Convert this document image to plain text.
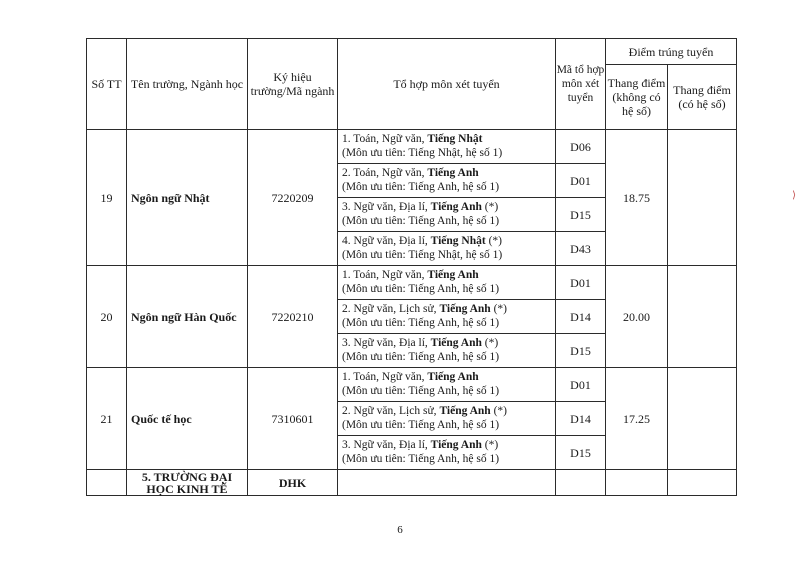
Số TT	Tên trường, Ngành học	Ký hiệu trường/Mã ngành	Tổ hợp môn xét tuyển	Mã tổ hợp môn xét tuyển	Điểm trúng tuyển	
					Thang điểm (không có hệ số)	Thang điểm (có hệ số)
19	Ngôn ngữ Nhật	7220209	1. Toán, Ngữ văn, Tiếng Nhật
(Môn ưu tiên: Tiếng Nhật, hệ số 1)	D06	18.75	

			2. Toán, Ngữ văn, Tiếng Anh
(Môn ưu tiên: Tiếng Anh, hệ số 1)	D01		

			3. Ngữ văn, Địa lí, Tiếng Anh (*)
(Môn ưu tiên: Tiếng Anh, hệ số 1)	D15		

			4. Ngữ văn, Địa lí, Tiếng Nhật (*)
(Môn ưu tiên: Tiếng Nhật, hệ số 1)	D43		
20	Ngôn ngữ Hàn Quốc	7220210	1. Toán, Ngữ văn, Tiếng Anh
(Môn ưu tiên: Tiếng Anh, hệ số 1)	D01	20.00	

			2. Ngữ văn, Lịch sử, Tiếng Anh (*)
(Môn ưu tiên: Tiếng Anh, hệ số 1)	D14		

			3. Ngữ văn, Địa lí, Tiếng Anh (*)
(Môn ưu tiên: Tiếng Anh, hệ số 1)	D15		
21	Quốc tế học	7310601	1. Toán, Ngữ văn, Tiếng Anh
(Môn ưu tiên: Tiếng Anh, hệ số 1)	D01	17.25	

			2. Ngữ văn, Lịch sử, Tiếng Anh (*)
(Môn ưu tiên: Tiếng Anh, hệ số 1)	D14		

			3. Ngữ văn, Địa lí, Tiếng Anh (*)
(Môn ưu tiên: Tiếng Anh, hệ số 1)	D15		
	5. TRƯỜNG ĐẠI HỌC KINH TẾ	DHK				
6
⟩
